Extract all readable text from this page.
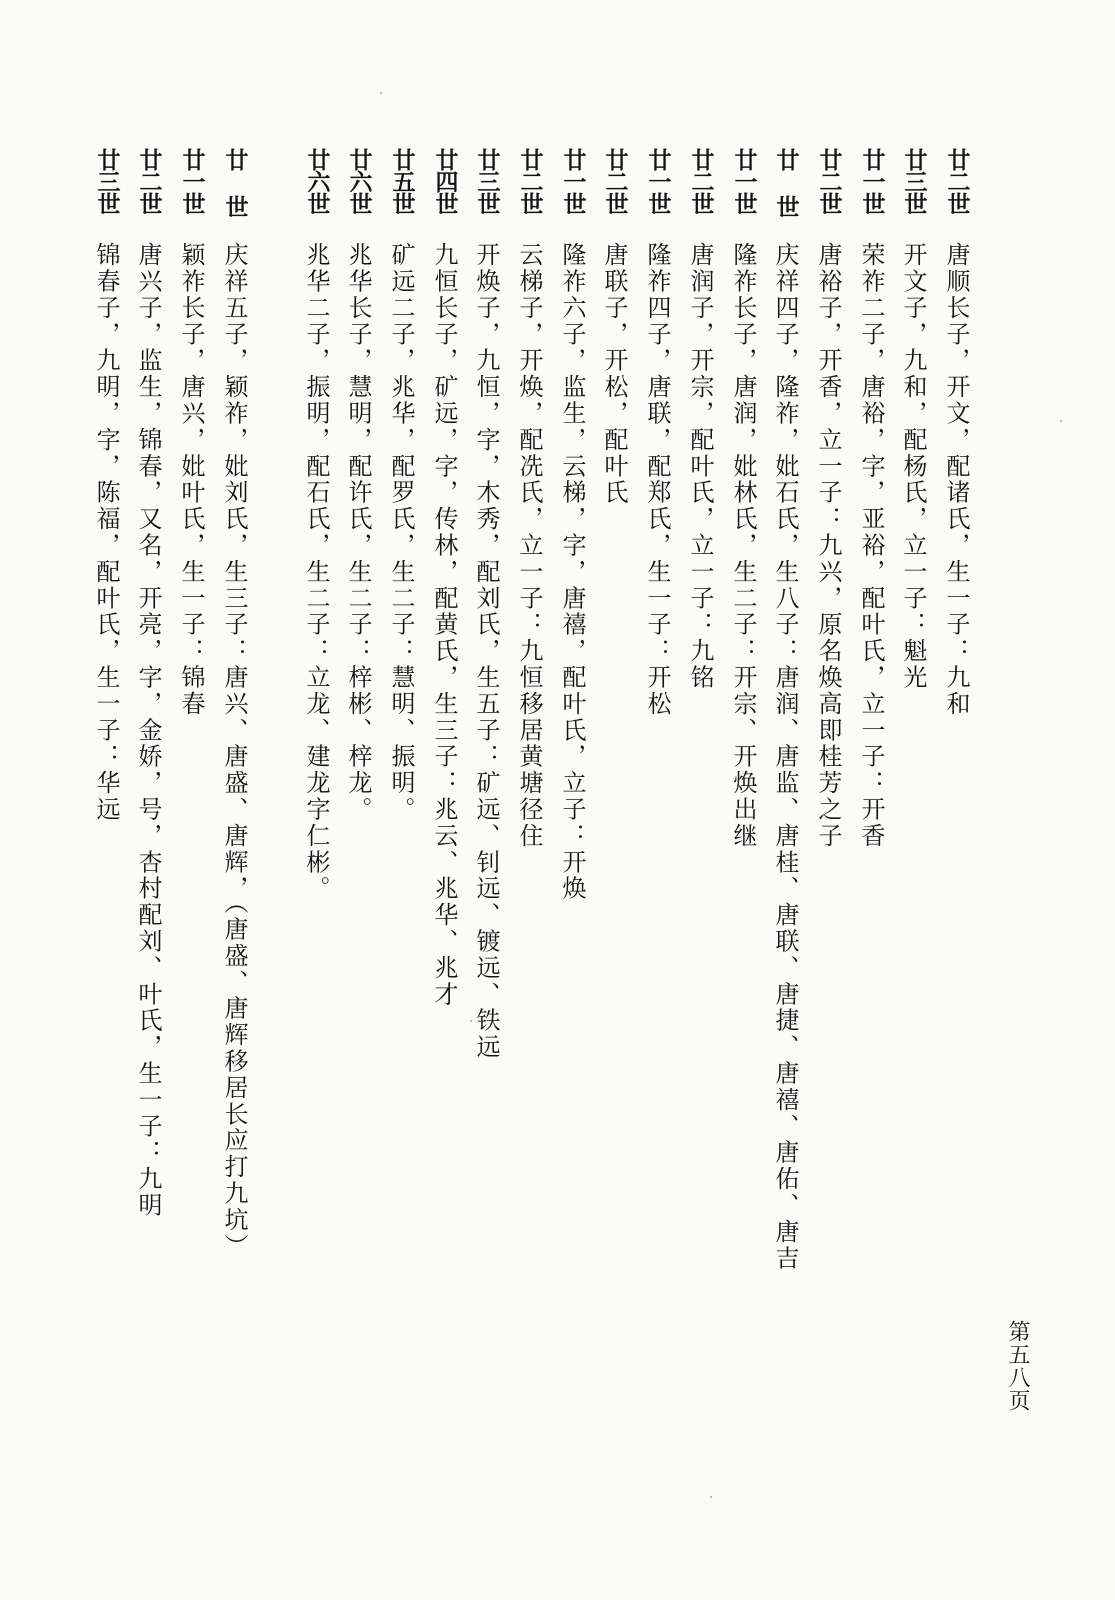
廿二世
唐顺长子，开文，配诸氏，生一子：九和
廿三世
开文子，九和，配杨氏，立一子：魁光
廿一世
荣祚二子，唐裕，字，亚裕，配叶氏，立一子：开香
廿二世
唐裕子，开香，立一子：九兴，原名焕高即桂芳之子
廿 世
庆祥四子，隆祚，妣石氏，生八子：唐润、唐监、唐桂、唐联、唐捷、唐禧、唐佑、唐吉
廿一世
隆祚长子，唐润，妣林氏，生二子：开宗、开焕出继
廿二世
唐润子，开宗，配叶氏，立一子：九铭
廿一世
隆祚四子，唐联，配郑氏，生一子：开松
廿二世
唐联子，开松，配叶氏
廿一世
隆祚六子，监生，云梯，字，唐禧，配叶氏，立子：开焕
廿二世
云梯子，开焕，配冼氏，立一子：九恒移居黄塘径住
廿三世
开焕子，九恒，字，木秀，配刘氏，生五子：矿远、钊远、镀远、铁远
廿四世
九恒长子，矿远，字，传林，配黄氏，生三子：兆云、兆华、兆才
廿五世
矿远二子，兆华，配罗氏，生二子：慧明、振明。
廿六世
兆华长子，慧明，配许氏，生二子：梓彬、梓龙。
廿六世
兆华二子，振明，配石氏，生二子：立龙、建龙字仁彬。
廿 世
庆祥五子，颖祚，妣刘氏，生三子：唐兴、唐盛、唐辉，（唐盛、唐辉移居长应打九坑）
廿一世
颖祚长子，唐兴，妣叶氏，生一子：锦春
廿二世
唐兴子，监生，锦春，又名，开亮，字，金娇，号，杏村配刘、叶氏，生一子：九明
廿三世
锦春子，九明，字，陈福，配叶氏，生一子：华远
第五八页
